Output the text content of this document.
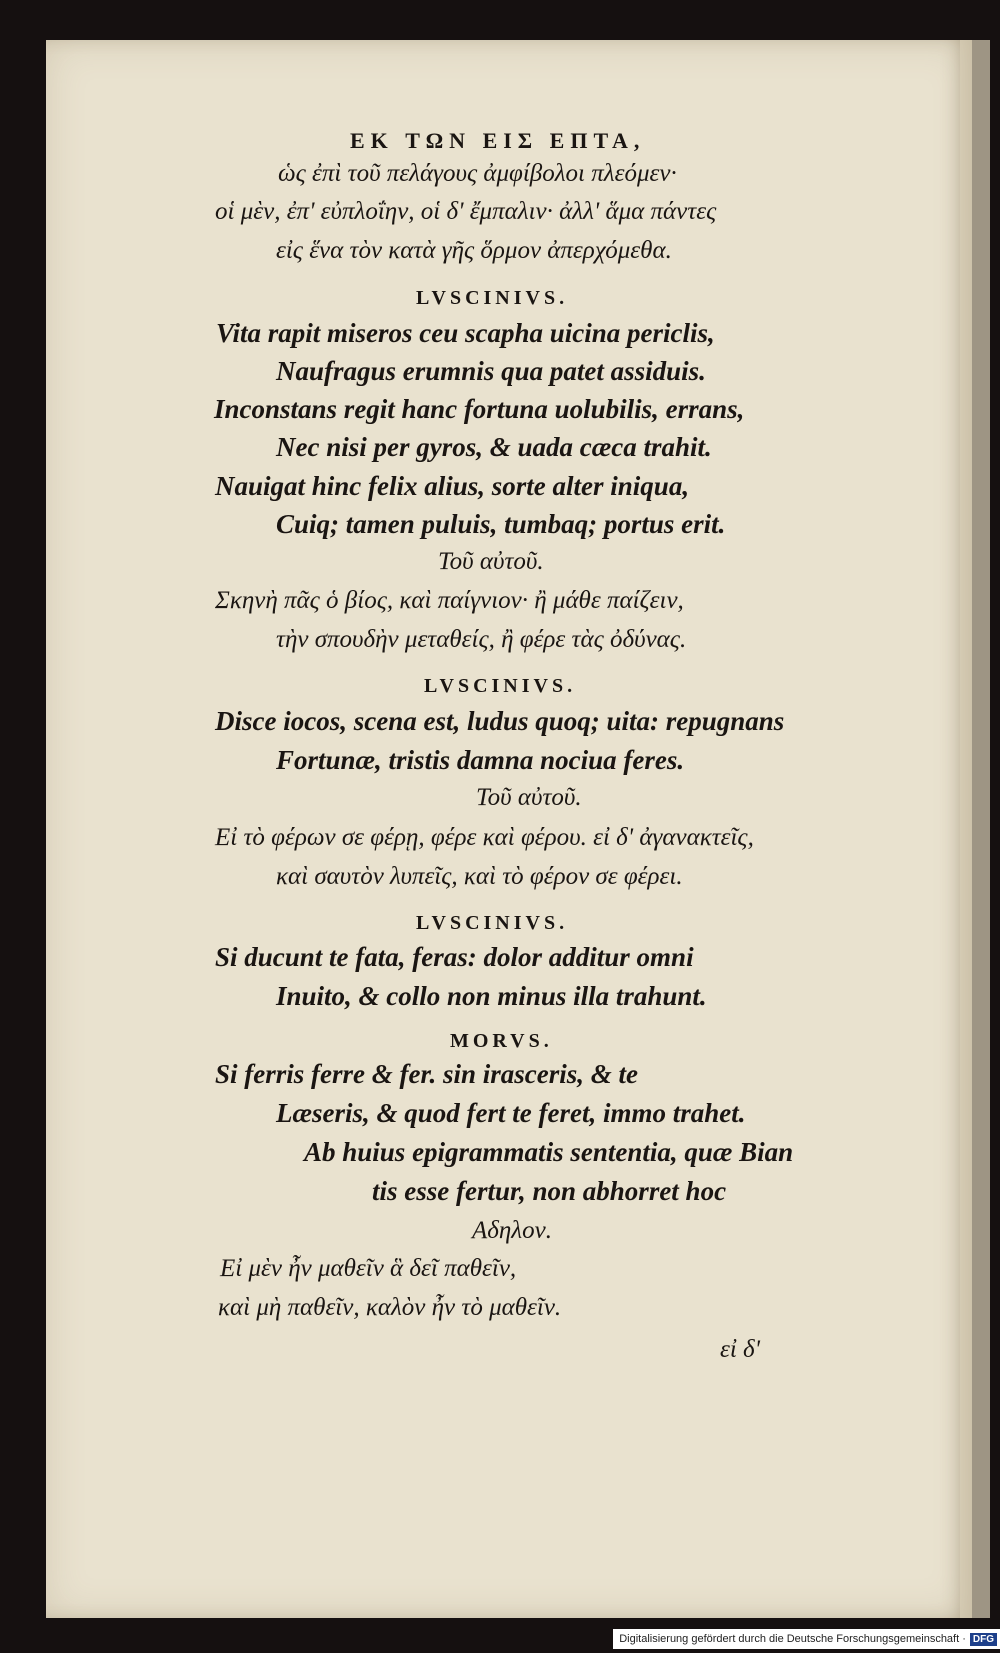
EK ΤΩΝ ΕΙΣ ΕΠΤΑ,
ὡς ἐπὶ τοῦ πελάγους ἀμφίβολοι πλεόμεν·
οἱ μὲν, ἐπ' εὐπλοΐην, οἱ δ' ἔμπαλιν· ἀλλ' ἅμα πάντες
εἰς ἕνα τὸν κατὰ γῆς ὅρμον ἀπερχόμεθα.
LVSCINIVS.
Vita rapit miseros ceu scapha uicina periclis,
Naufragus erumnis qua patet assiduis.
Inconstans regit hanc fortuna uolubilis, errans,
Nec nisi per gyros, & uada cæca trahit.
Nauigat hinc felix alius, sorte alter iniqua,
Cuiq; tamen puluis, tumbaq; portus erit.
Τοῦ αὐτοῦ.
Σκηνὴ πᾶς ὁ βίος, καὶ παίγνιον· ἢ μάθε παίζειν,
τὴν σπουδὴν μεταθείς, ἢ φέρε τὰς ὀδύνας.
LVSCINIVS.
Disce iocos, scena est, ludus quoq; uita: repugnans
Fortunæ, tristis damna nociua feres.
Τοῦ αὐτοῦ.
Εἰ τὸ φέρων σε φέρῃ, φέρε καὶ φέρου. εἰ δ' ἀγανακτεῖς,
καὶ σαυτὸν λυπεῖς, καὶ τὸ φέρον σε φέρει.
LVSCINIVS.
Si ducunt te fata, feras: dolor additur omni
Inuito, & collo non minus illa trahunt.
MORVS.
Si ferris ferre & fer. sin irasceris, & te
Læseris, & quod fert te feret, immo trahet.
Ab huius epigrammatis sententia, quæ Bian
tis esse fertur, non abhorret hoc
Αδηλον.
Εἰ μὲν ἦν μαθεῖν ἃ δεῖ παθεῖν,
καὶ μὴ παθεῖν, καλὸν ἦν τὸ μαθεῖν.
εἰ δ'
Digitalisierung gefördert durch die Deutsche Forschungsgemeinschaft · DFG
